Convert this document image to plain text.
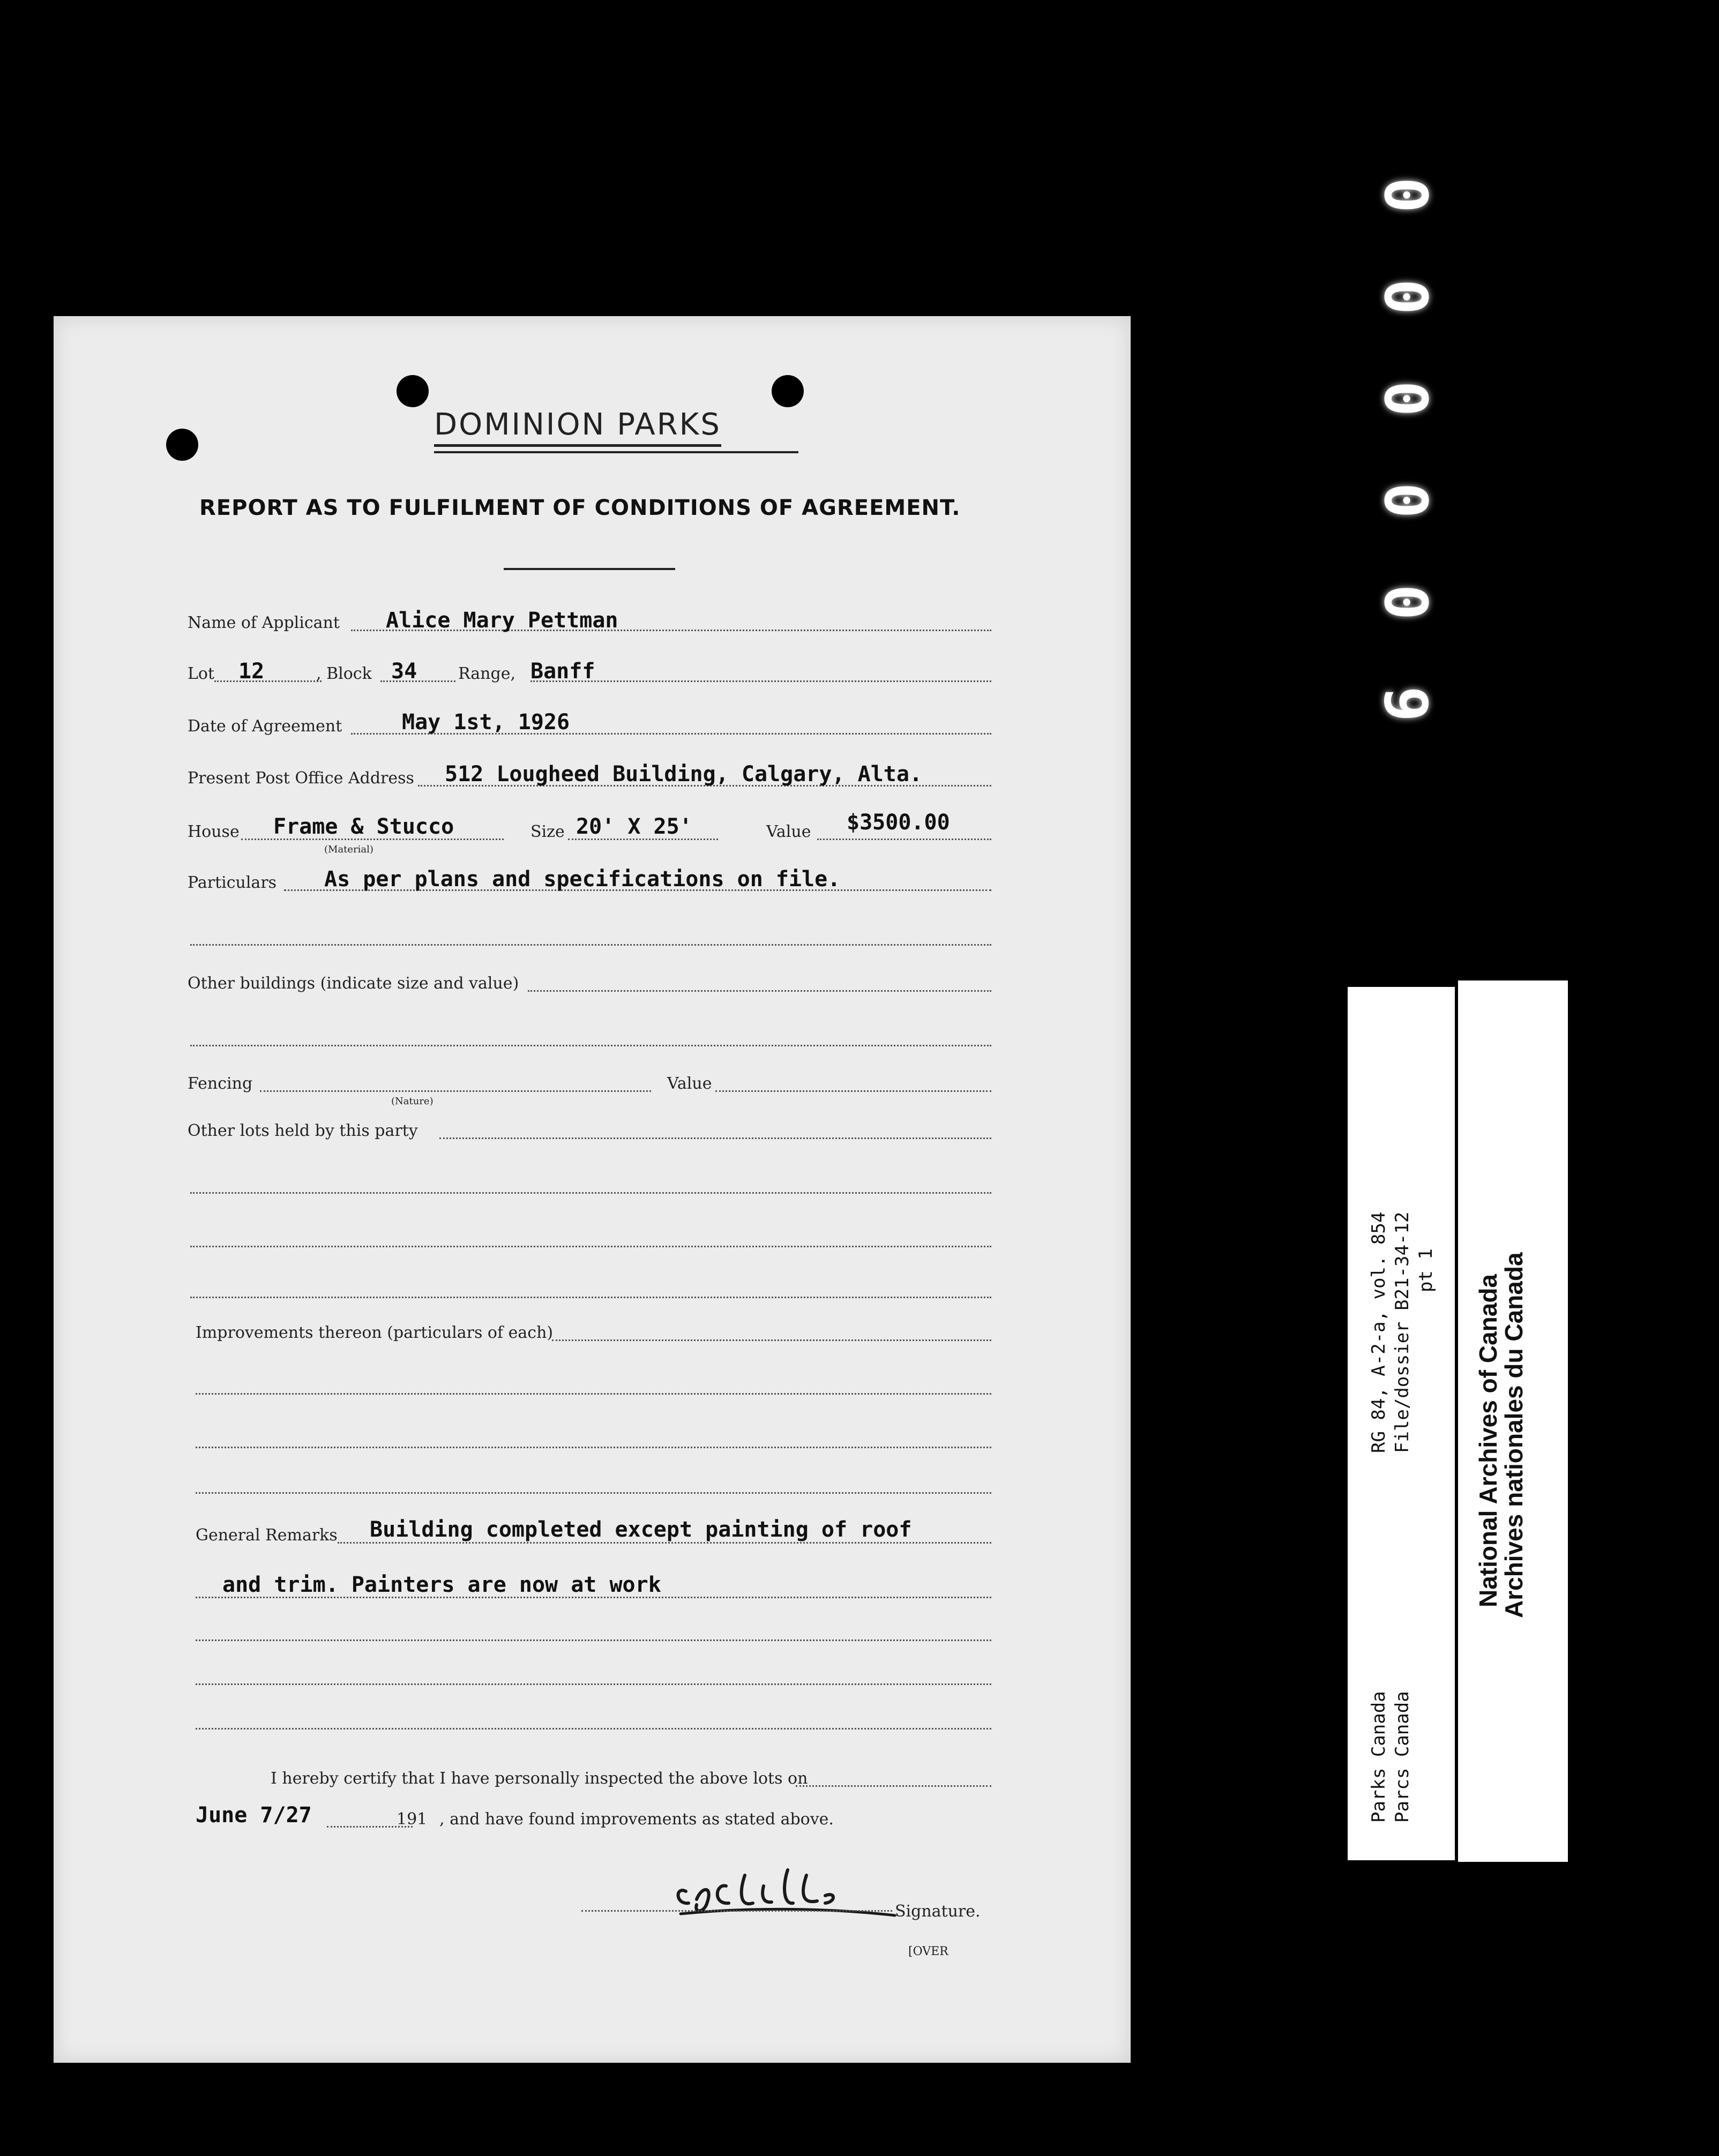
0
0
0
0
0
9
DOMINION PARKS
REPORT AS TO FULFILMENT OF CONDITIONS OF AGREEMENT.

Name of Applicant Alice Mary Pettman
Lot 12	, Block 34	Range, Banff
Date of Agreement	May 1st, 1926
Present Post Office Address 512 Lougheed Building, Calgary, Alta.
House Frame & Stucco
(Material)
Size 20' X 25'	Value $3500.00
Particulars As per plans and specifications on file.
Other buildings (indicate size and value)
Fencing
(Nature)
Value
Other lots held by this party
Improvements thereon (particulars of each)
General Remarks Building completed except painting of roof
and trim. Painters are now at work
I hereby certify that I have personally inspected the above lots on
June 7/27	191 , and have found improvements as stated above.
Signature.
[OVER
RG 84, A-2-a, vol. 854 File/dossier B21-34-12 pt 1
Parks Canada Parcs Canada
National Archives of Canada
Archives nationales du Canada
